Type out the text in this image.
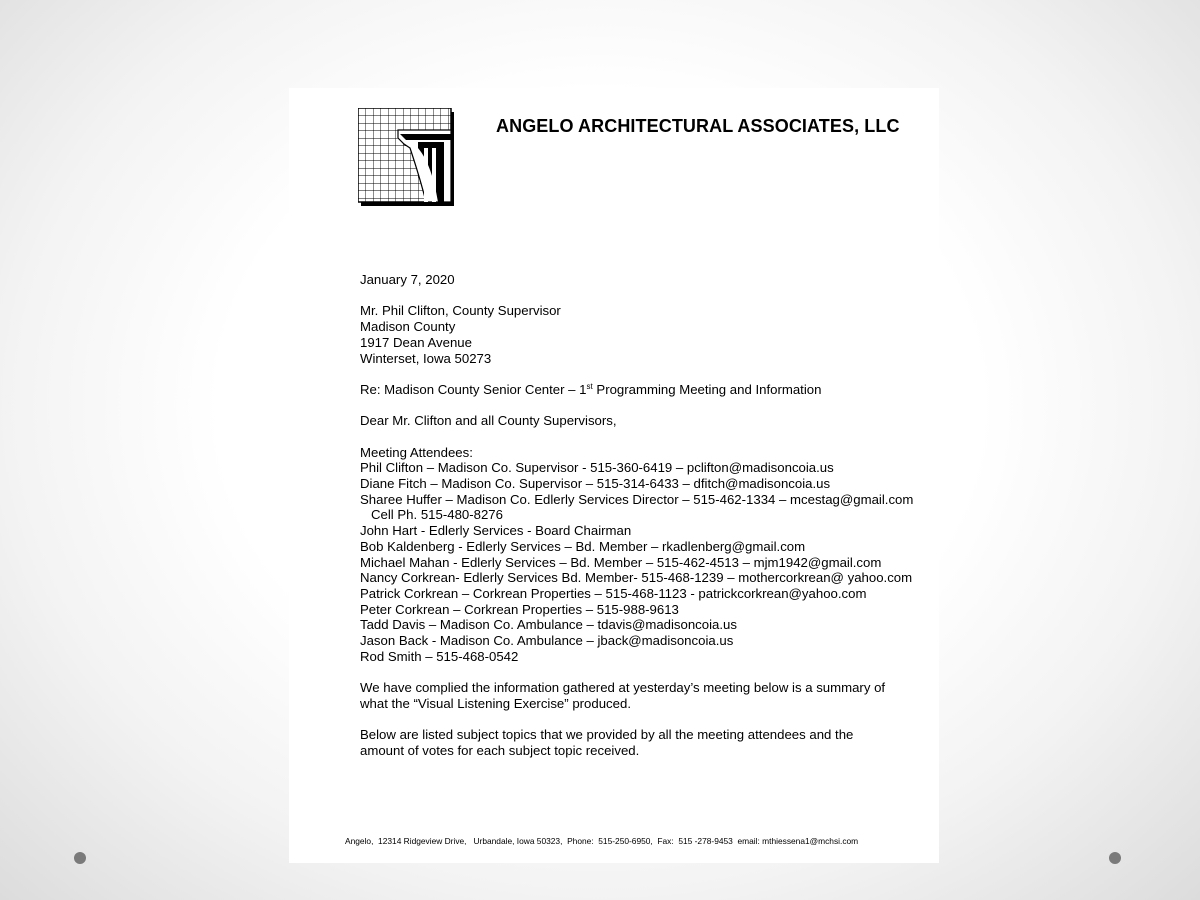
ANGELO ARCHITECTURAL ASSOCIATES, LLC
January 7, 2020
Mr. Phil Clifton, County Supervisor
Madison County
1917 Dean Avenue
Winterset, Iowa 50273
Re: Madison County Senior Center – 1st Programming Meeting and Information
Dear Mr. Clifton and all County Supervisors,
Meeting Attendees:
Phil Clifton – Madison Co. Supervisor - 515-360-6419 – pclifton@madisoncoia.us
Diane Fitch – Madison Co. Supervisor – 515-314-6433 – dfitch@madisoncoia.us
Sharee Huffer – Madison Co. Edlerly Services Director – 515-462-1334 – mcestag@gmail.com
Cell Ph. 515-480-8276
John Hart - Edlerly Services - Board Chairman
Bob Kaldenberg - Edlerly Services – Bd. Member – rkadlenberg@gmail.com
Michael Mahan - Edlerly Services – Bd. Member – 515-462-4513 – mjm1942@gmail.com
Nancy Corkrean- Edlerly Services Bd. Member- 515-468-1239 – mothercorkrean@ yahoo.com
Patrick Corkrean – Corkrean Properties – 515-468-1123 - patrickcorkrean@yahoo.com
Peter Corkrean – Corkrean Properties – 515-988-9613
Tadd Davis – Madison Co. Ambulance – tdavis@madisoncoia.us
Jason Back - Madison Co. Ambulance – jback@madisoncoia.us
Rod Smith – 515-468-0542
We have complied the information gathered at yesterday’s meeting below is a summary of
what the “Visual Listening Exercise” produced.
Below are listed subject topics that we provided by all the meeting attendees and the
amount of votes for each subject topic received.
Angelo,  12314 Ridgeview Drive,   Urbandale, Iowa 50323,  Phone:  515-250-6950,  Fax:  515 -278-9453  email: mthiessena1@mchsi.com
